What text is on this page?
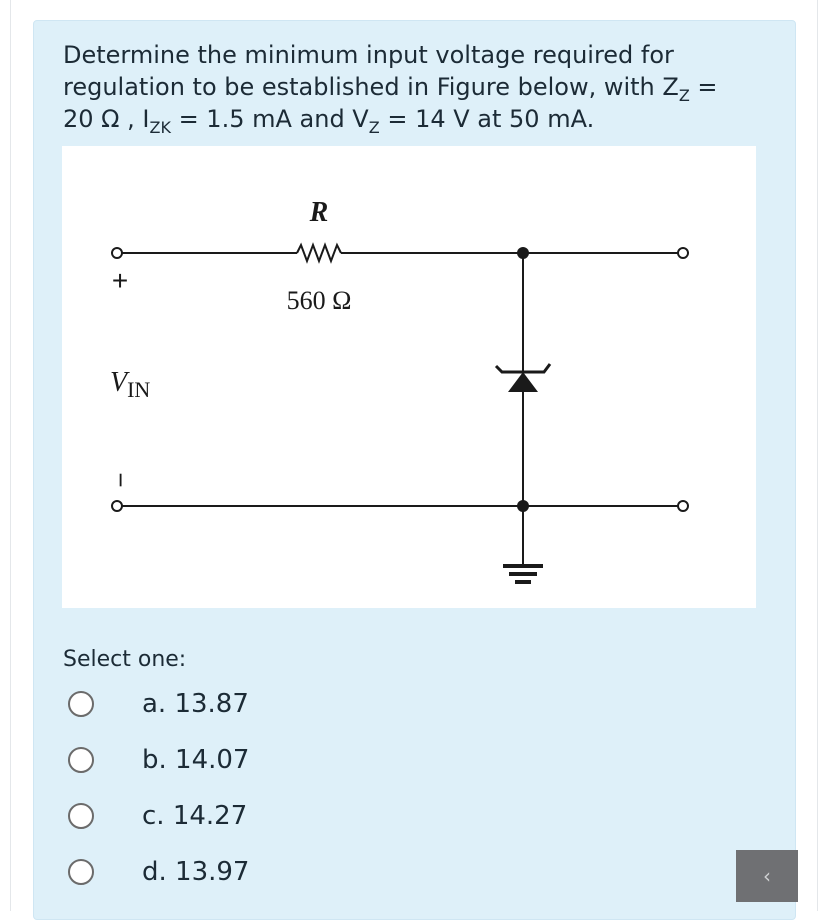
Determine the minimum input voltage required for
regulation to be established in Figure below, with $Z_Z$ =
20 Ω , $I_{ZK} = 1.5$ mA and $V_Z = 14$ V at 50 mA.
R
560 Ω
+
−
$V_{IN}$
Select one:
a. 13.87
b. 14.07
c. 14.27
d. 13.97	‹
